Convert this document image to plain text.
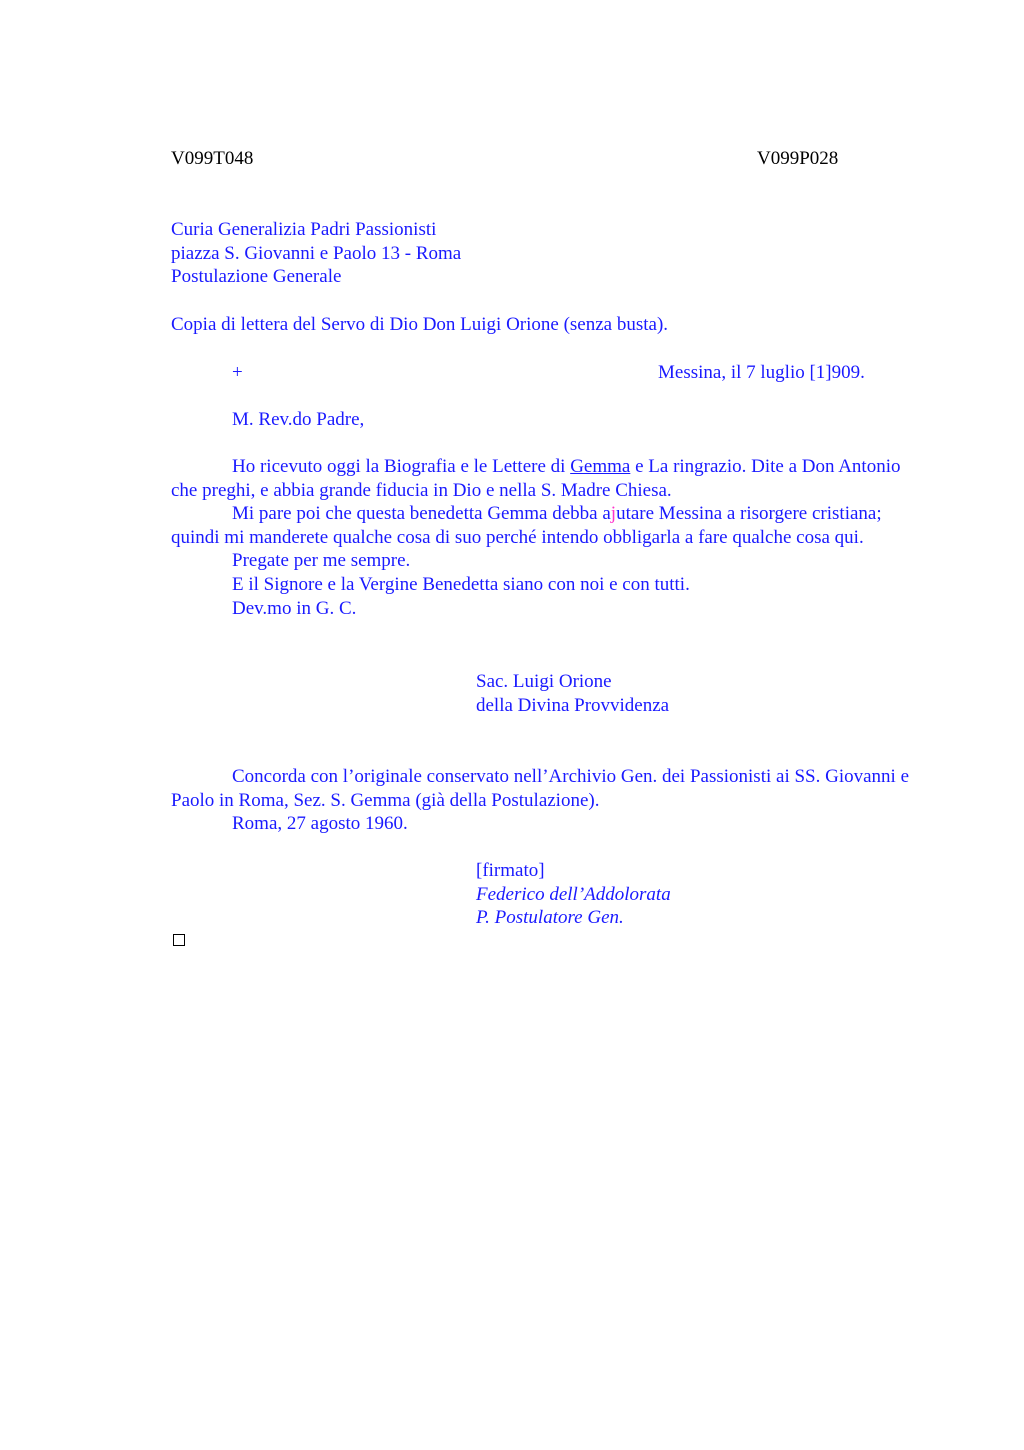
V099T048	V099P028
Curia Generalizia Padri Passionisti
piazza S. Giovanni e Paolo 13 - Roma
Postulazione Generale
Copia di lettera del Servo di Dio Don Luigi Orione (senza busta).
+	Messina, il 7 luglio [1]909.
M. Rev.do Padre,

Ho ricevuto oggi la Biografia e le Lettere di Gemma e La ringrazio. Dite a Don Antonio che preghi, e abbia grande fiducia in Dio e nella S. Madre Chiesa.

Mi pare poi che questa benedetta Gemma debba ajutare Messina a risorgere cristiana; quindi mi manderete qualche cosa di suo perché intendo obbligarla a fare qualche cosa qui.

Pregate per me sempre.

E il Signore e la Vergine Benedetta siano con noi e con tutti.

Dev.mo in G. C.

Sac. Luigi Orione
della Divina Provvidenza

Concorda con l’originale conservato nell’Archivio Gen. dei Passionisti ai SS. Giovanni e Paolo in Roma, Sez. S. Gemma (già della Postulazione).

Roma, 27 agosto 1960.

[firmato]
Federico dell’Addolorata
P. Postulatore Gen.
